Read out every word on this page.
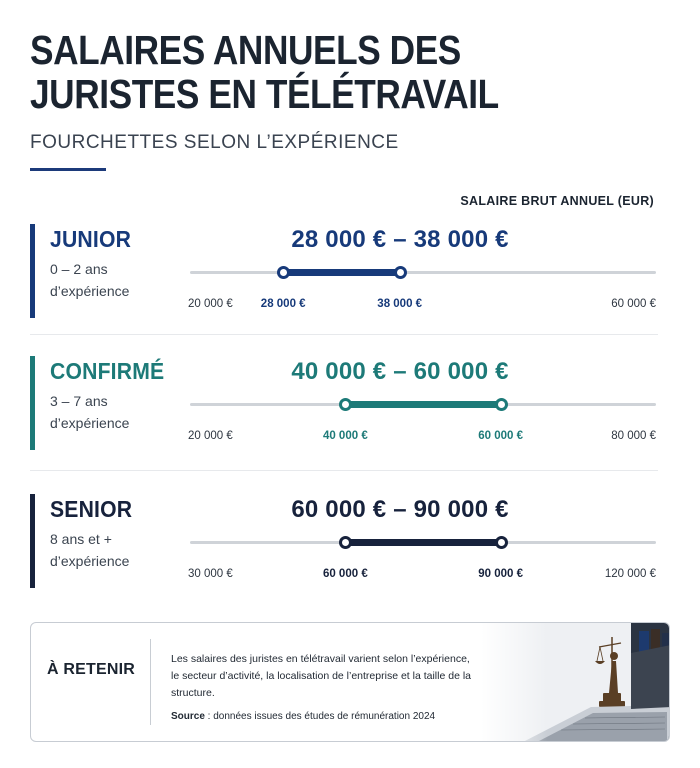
SALAIRES ANNUELS DES JURISTES EN TÉLÉTRAVAIL
FOURCHETTES SELON L’EXPÉRIENCE
SALAIRE BRUT ANNUEL (EUR)
JUNIOR
0 – 2 ans
d’expérience
28 000 € – 38 000 €
20 000 € 28 000 €	38 000 €	60 000 €
CONFIRMÉ
3 – 7 ans
d’expérience
40 000 € – 60 000 €
20 000 €	40 000 €	60 000 €	80 000 €
SENIOR
8 ans et +
d’expérience
60 000 € – 90 000 €
30 000 €	60 000 €	90 000 €	120 000 €
À RETENIR
Les salaires des juristes en télétravail varient selon l’expérience,
le secteur d’activité, la localisation de l’entreprise et la taille de la structure.
Source : données issues des études de rémunération 2024
